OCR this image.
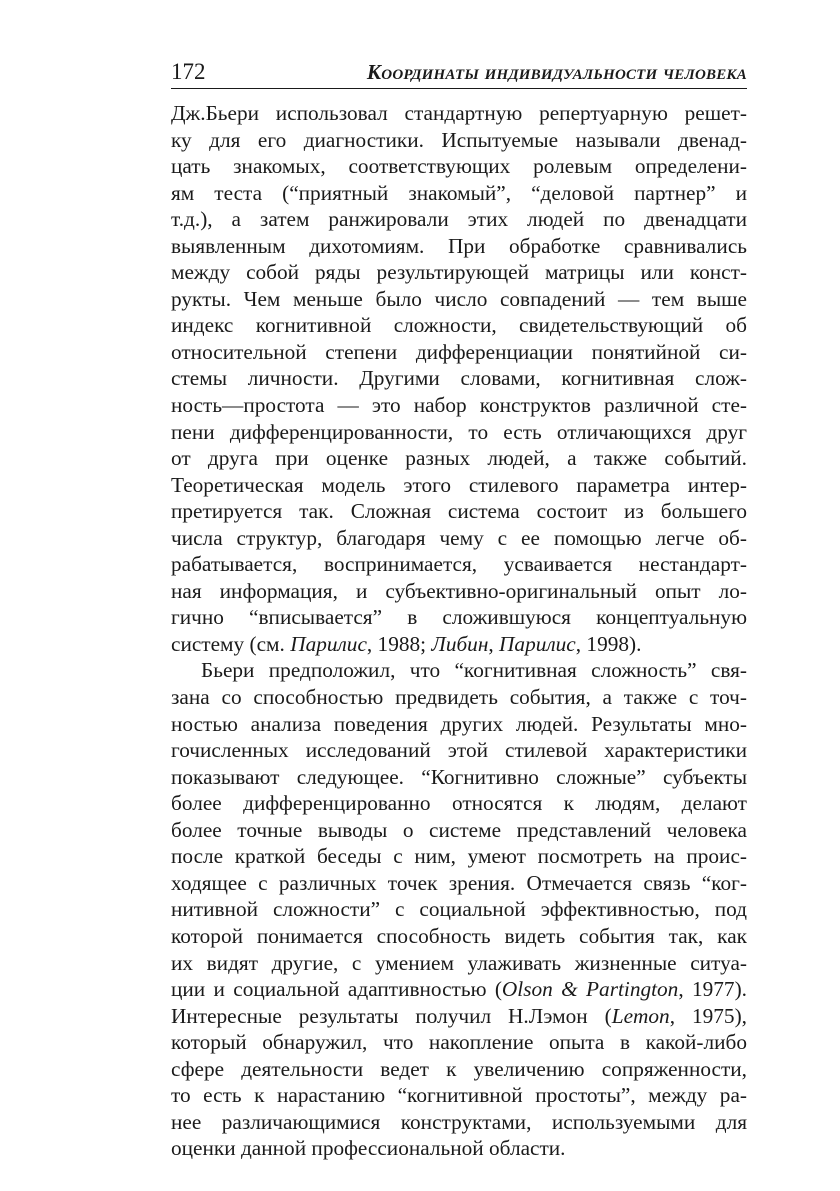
172	Координаты индивидуальности человека
Дж.Бьери использовал стандартную репертуарную решет-
ку для его диагностики. Испытуемые называли двенад-
цать знакомых, соответствующих ролевым определени-
ям теста (“приятный знакомый”, “деловой партнер” и
т.д.), а затем ранжировали этих людей по двенадцати
выявленным дихотомиям. При обработке сравнивались
между собой ряды результирующей матрицы или конст-
рукты. Чем меньше было число совпадений — тем выше
индекс когнитивной сложности, свидетельствующий об
относительной степени дифференциации понятийной си-
стемы личности. Другими словами, когнитивная слож-
ность—простота — это набор конструктов различной сте-
пени дифференцированности, то есть отличающихся друг
от друга при оценке разных людей, а также событий.
Теоретическая модель этого стилевого параметра интер-
претируется так. Сложная система состоит из большего
числа структур, благодаря чему с ее помощью легче об-
рабатывается, воспринимается, усваивается нестандарт-
ная информация, и субъективно-оригинальный опыт ло-
гично “вписывается” в сложившуюся концептуальную
систему (см. Парилис, 1988; Либин, Парилис, 1998).
Бьери предположил, что “когнитивная сложность” свя-
зана со способностью предвидеть события, а также с точ-
ностью анализа поведения других людей. Результаты мно-
гочисленных исследований этой стилевой характеристики
показывают следующее. “Когнитивно сложные” субъекты
более дифференцированно относятся к людям, делают
более точные выводы о системе представлений человека
после краткой беседы с ним, умеют посмотреть на проис-
ходящее с различных точек зрения. Отмечается связь “ког-
нитивной сложности” с социальной эффективностью, под
которой понимается способность видеть события так, как
их видят другие, с умением улаживать жизненные ситуа-
ции и социальной адаптивностью (Olson & Partington, 1977).
Интересные результаты получил Н.Лэмон (Lemon, 1975),
который обнаружил, что накопление опыта в какой-либо
сфере деятельности ведет к увеличению сопряженности,
то есть к нарастанию “когнитивной простоты”, между ра-
нее различающимися конструктами, используемыми для
оценки данной профессиональной области.
